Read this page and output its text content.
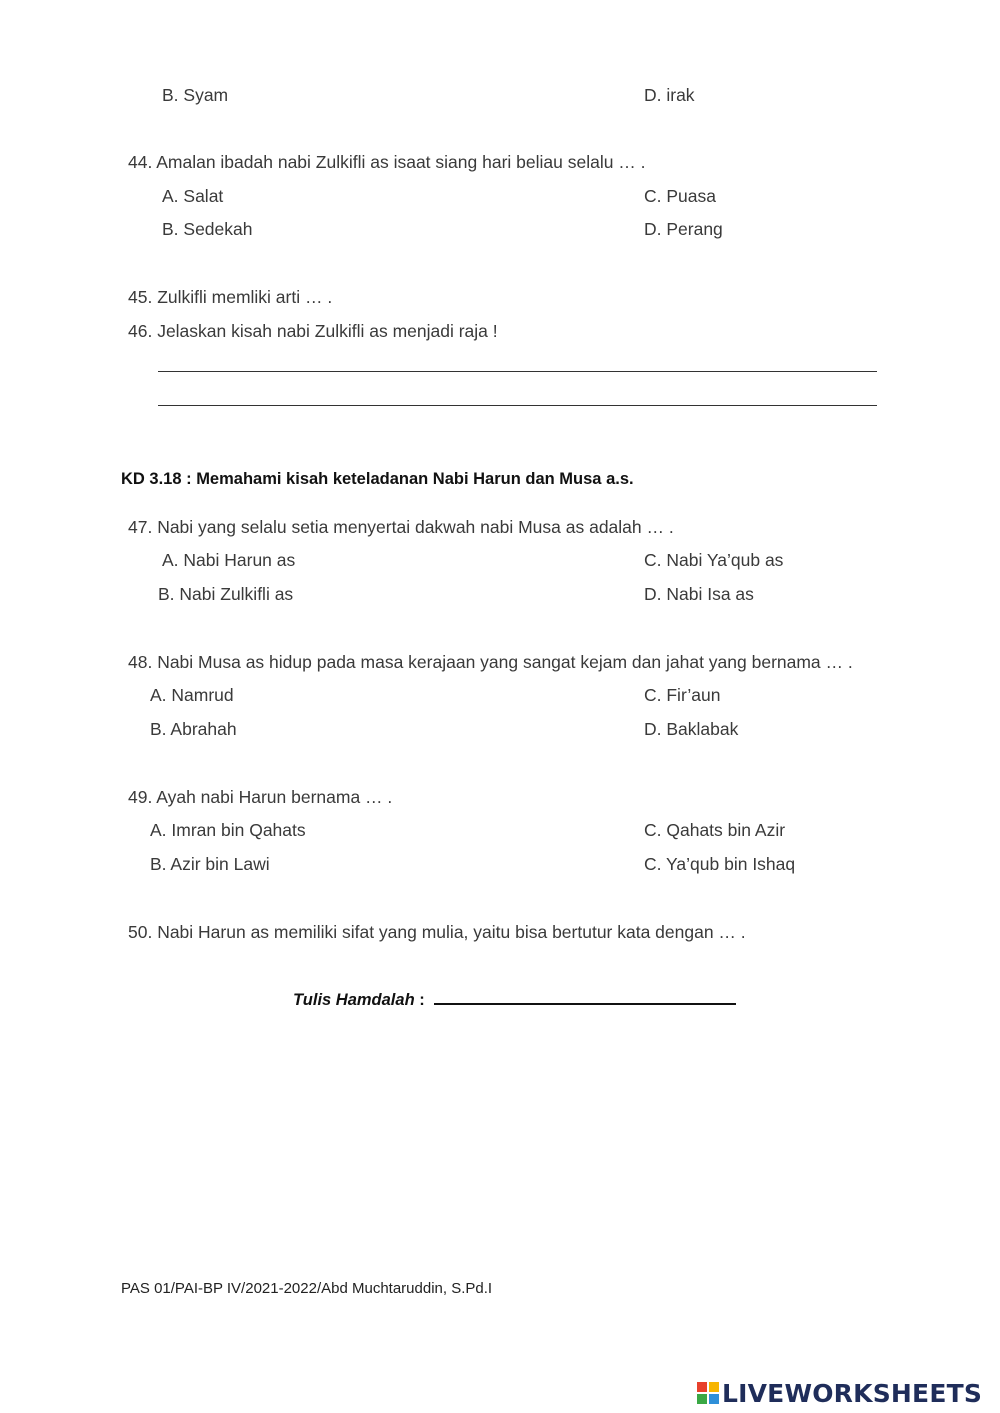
B. Syam	D. irak
44. Amalan ibadah nabi Zulkifli as isaat siang hari beliau selalu … .
A. Salat	C. Puasa
B. Sedekah	D. Perang
45. Zulkifli memliki arti … .
46. Jelaskan kisah nabi Zulkifli as menjadi raja !
KD 3.18 : Memahami kisah keteladanan Nabi Harun dan Musa a.s.
47. Nabi yang selalu setia menyertai dakwah nabi Musa as adalah … .
A. Nabi Harun as	C. Nabi Ya’qub as
B. Nabi Zulkifli as	D. Nabi Isa as
48. Nabi Musa as hidup pada masa kerajaan yang sangat kejam dan jahat yang bernama … .
A. Namrud	C. Fir’aun
B. Abrahah	D. Baklabak
49. Ayah nabi Harun bernama … .
A. Imran bin Qahats	C. Qahats bin Azir
B. Azir bin Lawi	C. Ya’qub bin Ishaq
50. Nabi Harun as memiliki sifat yang mulia, yaitu bisa bertutur kata dengan … .
Tulis Hamdalah :
PAS 01/PAI-BP IV/2021-2022/Abd Muchtaruddin, S.Pd.I
LIVEWORKSHEETS
